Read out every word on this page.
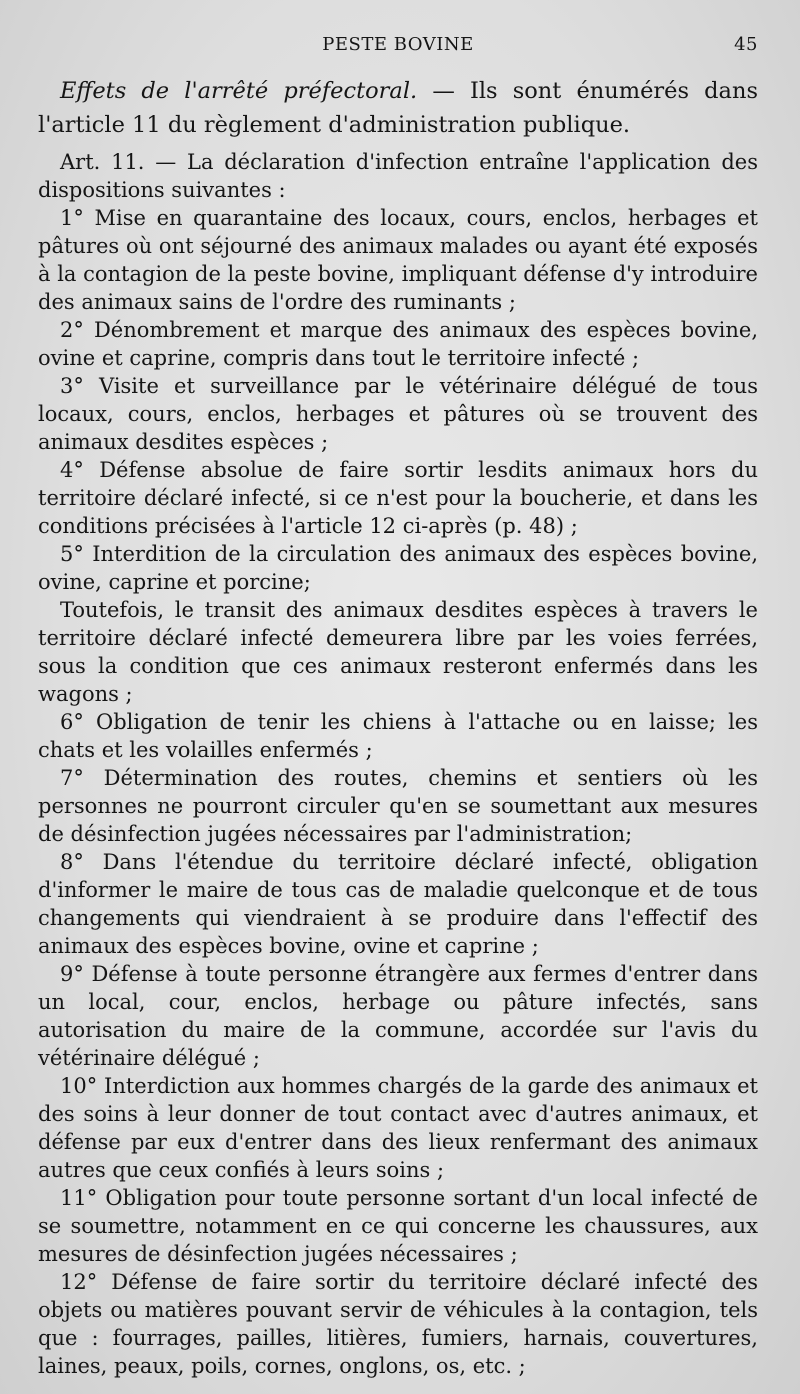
PESTE BOVINE	45

Effets de l'arrêté préfectoral. — Ils sont énumérés dans l'article 11 du règlement d'administration publique.

Art. 11. — La déclaration d'infection entraîne l'application des dispositions suivantes :

1° Mise en quarantaine des locaux, cours, enclos, herbages et pâtures où ont séjourné des animaux malades ou ayant été exposés à la contagion de la peste bovine, impliquant défense d'y introduire des animaux sains de l'ordre des ruminants ;

2° Dénombrement et marque des animaux des espèces bovine, ovine et caprine, compris dans tout le territoire infecté ;

3° Visite et surveillance par le vétérinaire délégué de tous locaux, cours, enclos, herbages et pâtures où se trouvent des animaux desdites espèces ;

4° Défense absolue de faire sortir lesdits animaux hors du territoire déclaré infecté, si ce n'est pour la boucherie, et dans les conditions précisées à l'article 12 ci-après (p. 48) ;

5° Interdition de la circulation des animaux des espèces bovine, ovine, caprine et porcine;

Toutefois, le transit des animaux desdites espèces à travers le territoire déclaré infecté demeurera libre par les voies ferrées, sous la condition que ces animaux resteront enfermés dans les wagons ;

6° Obligation de tenir les chiens à l'attache ou en laisse; les chats et les volailles enfermés ;

7° Détermination des routes, chemins et sentiers où les personnes ne pourront circuler qu'en se soumettant aux mesures de désinfection jugées nécessaires par l'administration;

8° Dans l'étendue du territoire déclaré infecté, obligation d'informer le maire de tous cas de maladie quelconque et de tous changements qui viendraient à se produire dans l'effectif des animaux des espèces bovine, ovine et caprine ;

9° Défense à toute personne étrangère aux fermes d'entrer dans un local, cour, enclos, herbage ou pâture infectés, sans autorisation du maire de la commune, accordée sur l'avis du vétérinaire délégué ;

10° Interdiction aux hommes chargés de la garde des animaux et des soins à leur donner de tout contact avec d'autres animaux, et défense par eux d'entrer dans des lieux renfermant des animaux autres que ceux confiés à leurs soins ;

11° Obligation pour toute personne sortant d'un local infecté de se soumettre, notamment en ce qui concerne les chaussures, aux mesures de désinfection jugées nécessaires ;

12° Défense de faire sortir du territoire déclaré infecté des objets ou matières pouvant servir de véhicules à la contagion, tels que : fourrages, pailles, litières, fumiers, harnais, couvertures, laines, peaux, poils, cornes, onglons, os, etc. ;
